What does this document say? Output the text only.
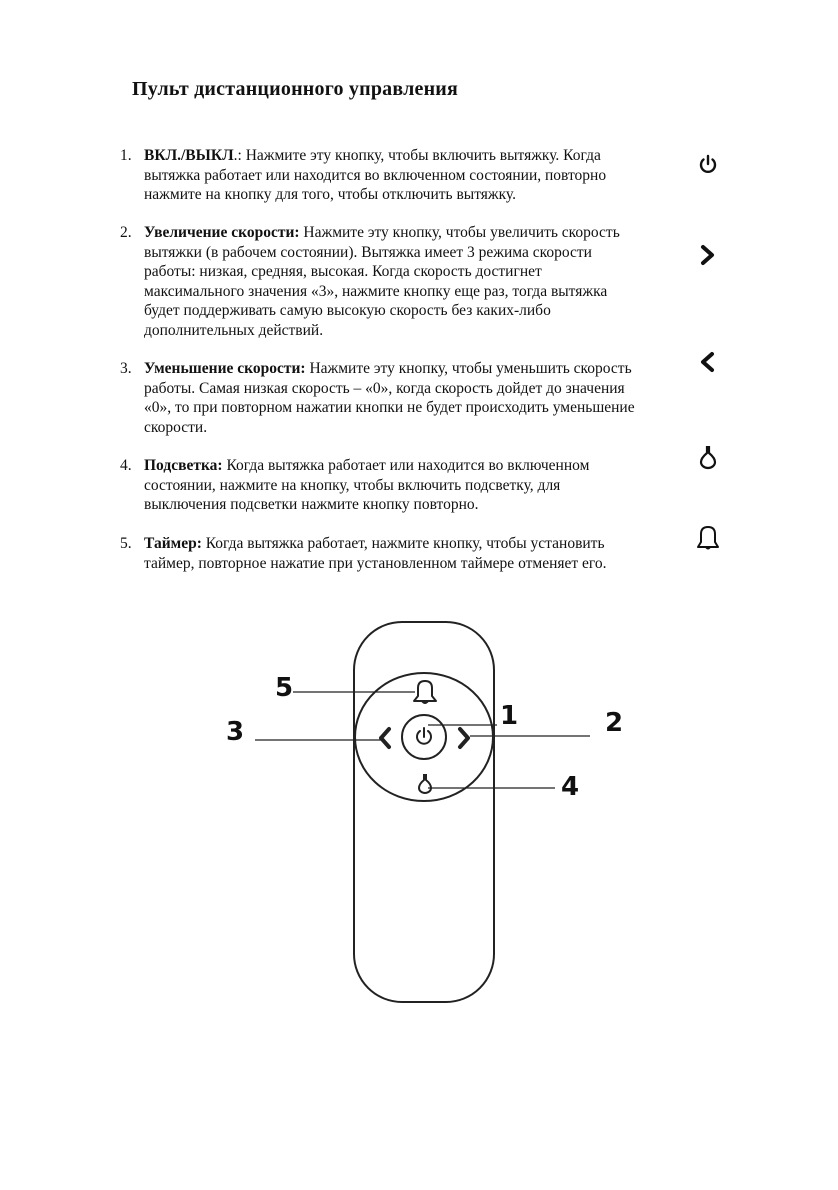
Пульт дистанционного управления
1. ВКЛ./ВЫКЛ.: Нажмите эту кнопку, чтобы включить вытяжку. Когда вытяжка работает или находится во включенном состоянии, повторно нажмите на кнопку для того, чтобы отключить вытяжку.
2. Увеличение скорости: Нажмите эту кнопку, чтобы увеличить скорость вытяжки (в рабочем состоянии). Вытяжка имеет 3 режима скорости работы: низкая, средняя, высокая. Когда скорость достигнет максимального значения «3», нажмите кнопку еще раз, тогда вытяжка будет поддерживать самую высокую скорость без каких-либо дополнительных действий.
3. Уменьшение скорости: Нажмите эту кнопку, чтобы уменьшить скорость работы. Самая низкая скорость – «0», когда скорость дойдет до значения «0», то при повторном нажатии кнопки не будет происходить уменьшение скорости.
4. Подсветка: Когда вытяжка работает или находится во включенном состоянии, нажмите на кнопку, чтобы включить подсветку, для выключения подсветки нажмите кнопку повторно.
5. Таймер: Когда вытяжка работает, нажмите кнопку, чтобы установить таймер, повторное нажатие при установленном таймере отменяет его.
5
3
1	2
4
